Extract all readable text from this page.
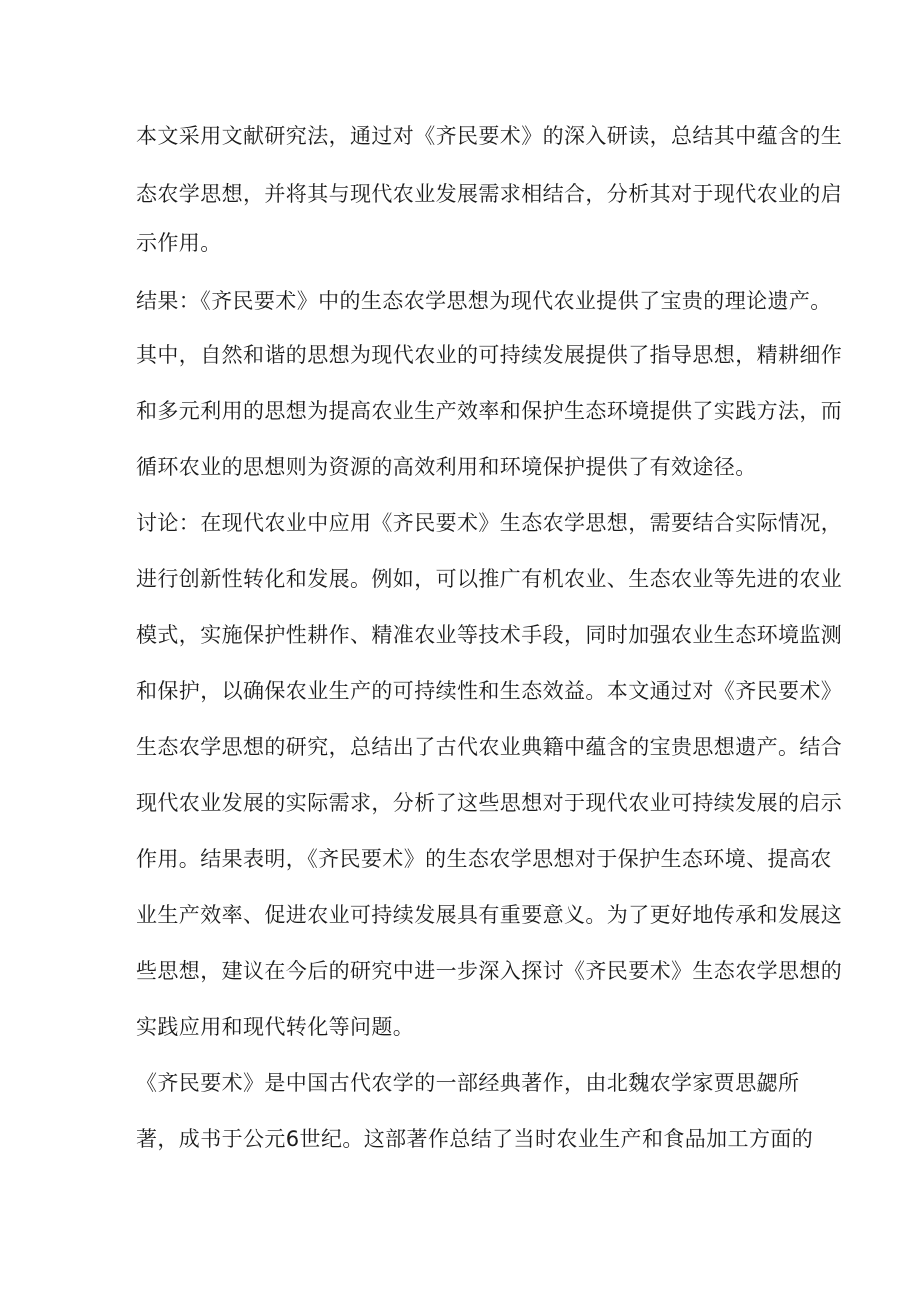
本文采用文献研究法，通过对《齐民要术》的深入研读，总结其中蕴含的生
态农学思想，并将其与现代农业发展需求相结合，分析其对于现代农业的启
示作用。
结果：《齐民要术》中的生态农学思想为现代农业提供了宝贵的理论遗产。
其中，自然和谐的思想为现代农业的可持续发展提供了指导思想，精耕细作
和多元利用的思想为提高农业生产效率和保护生态环境提供了实践方法，而
循环农业的思想则为资源的高效利用和环境保护提供了有效途径。
讨论：在现代农业中应用《齐民要术》生态农学思想，需要结合实际情况，
进行创新性转化和发展。例如，可以推广有机农业、生态农业等先进的农业
模式，实施保护性耕作、精准农业等技术手段，同时加强农业生态环境监测
和保护，以确保农业生产的可持续性和生态效益。本文通过对《齐民要术》
生态农学思想的研究，总结出了古代农业典籍中蕴含的宝贵思想遗产。结合
现代农业发展的实际需求，分析了这些思想对于现代农业可持续发展的启示
作用。结果表明，《齐民要术》的生态农学思想对于保护生态环境、提高农
业生产效率、促进农业可持续发展具有重要意义。为了更好地传承和发展这
些思想，建议在今后的研究中进一步深入探讨《齐民要术》生态农学思想的
实践应用和现代转化等问题。
《齐民要术》是中国古代农学的一部经典著作，由北魏农学家贾思勰所
著，成书于公元6世纪。这部著作总结了当时农业生产和食品加工方面的
